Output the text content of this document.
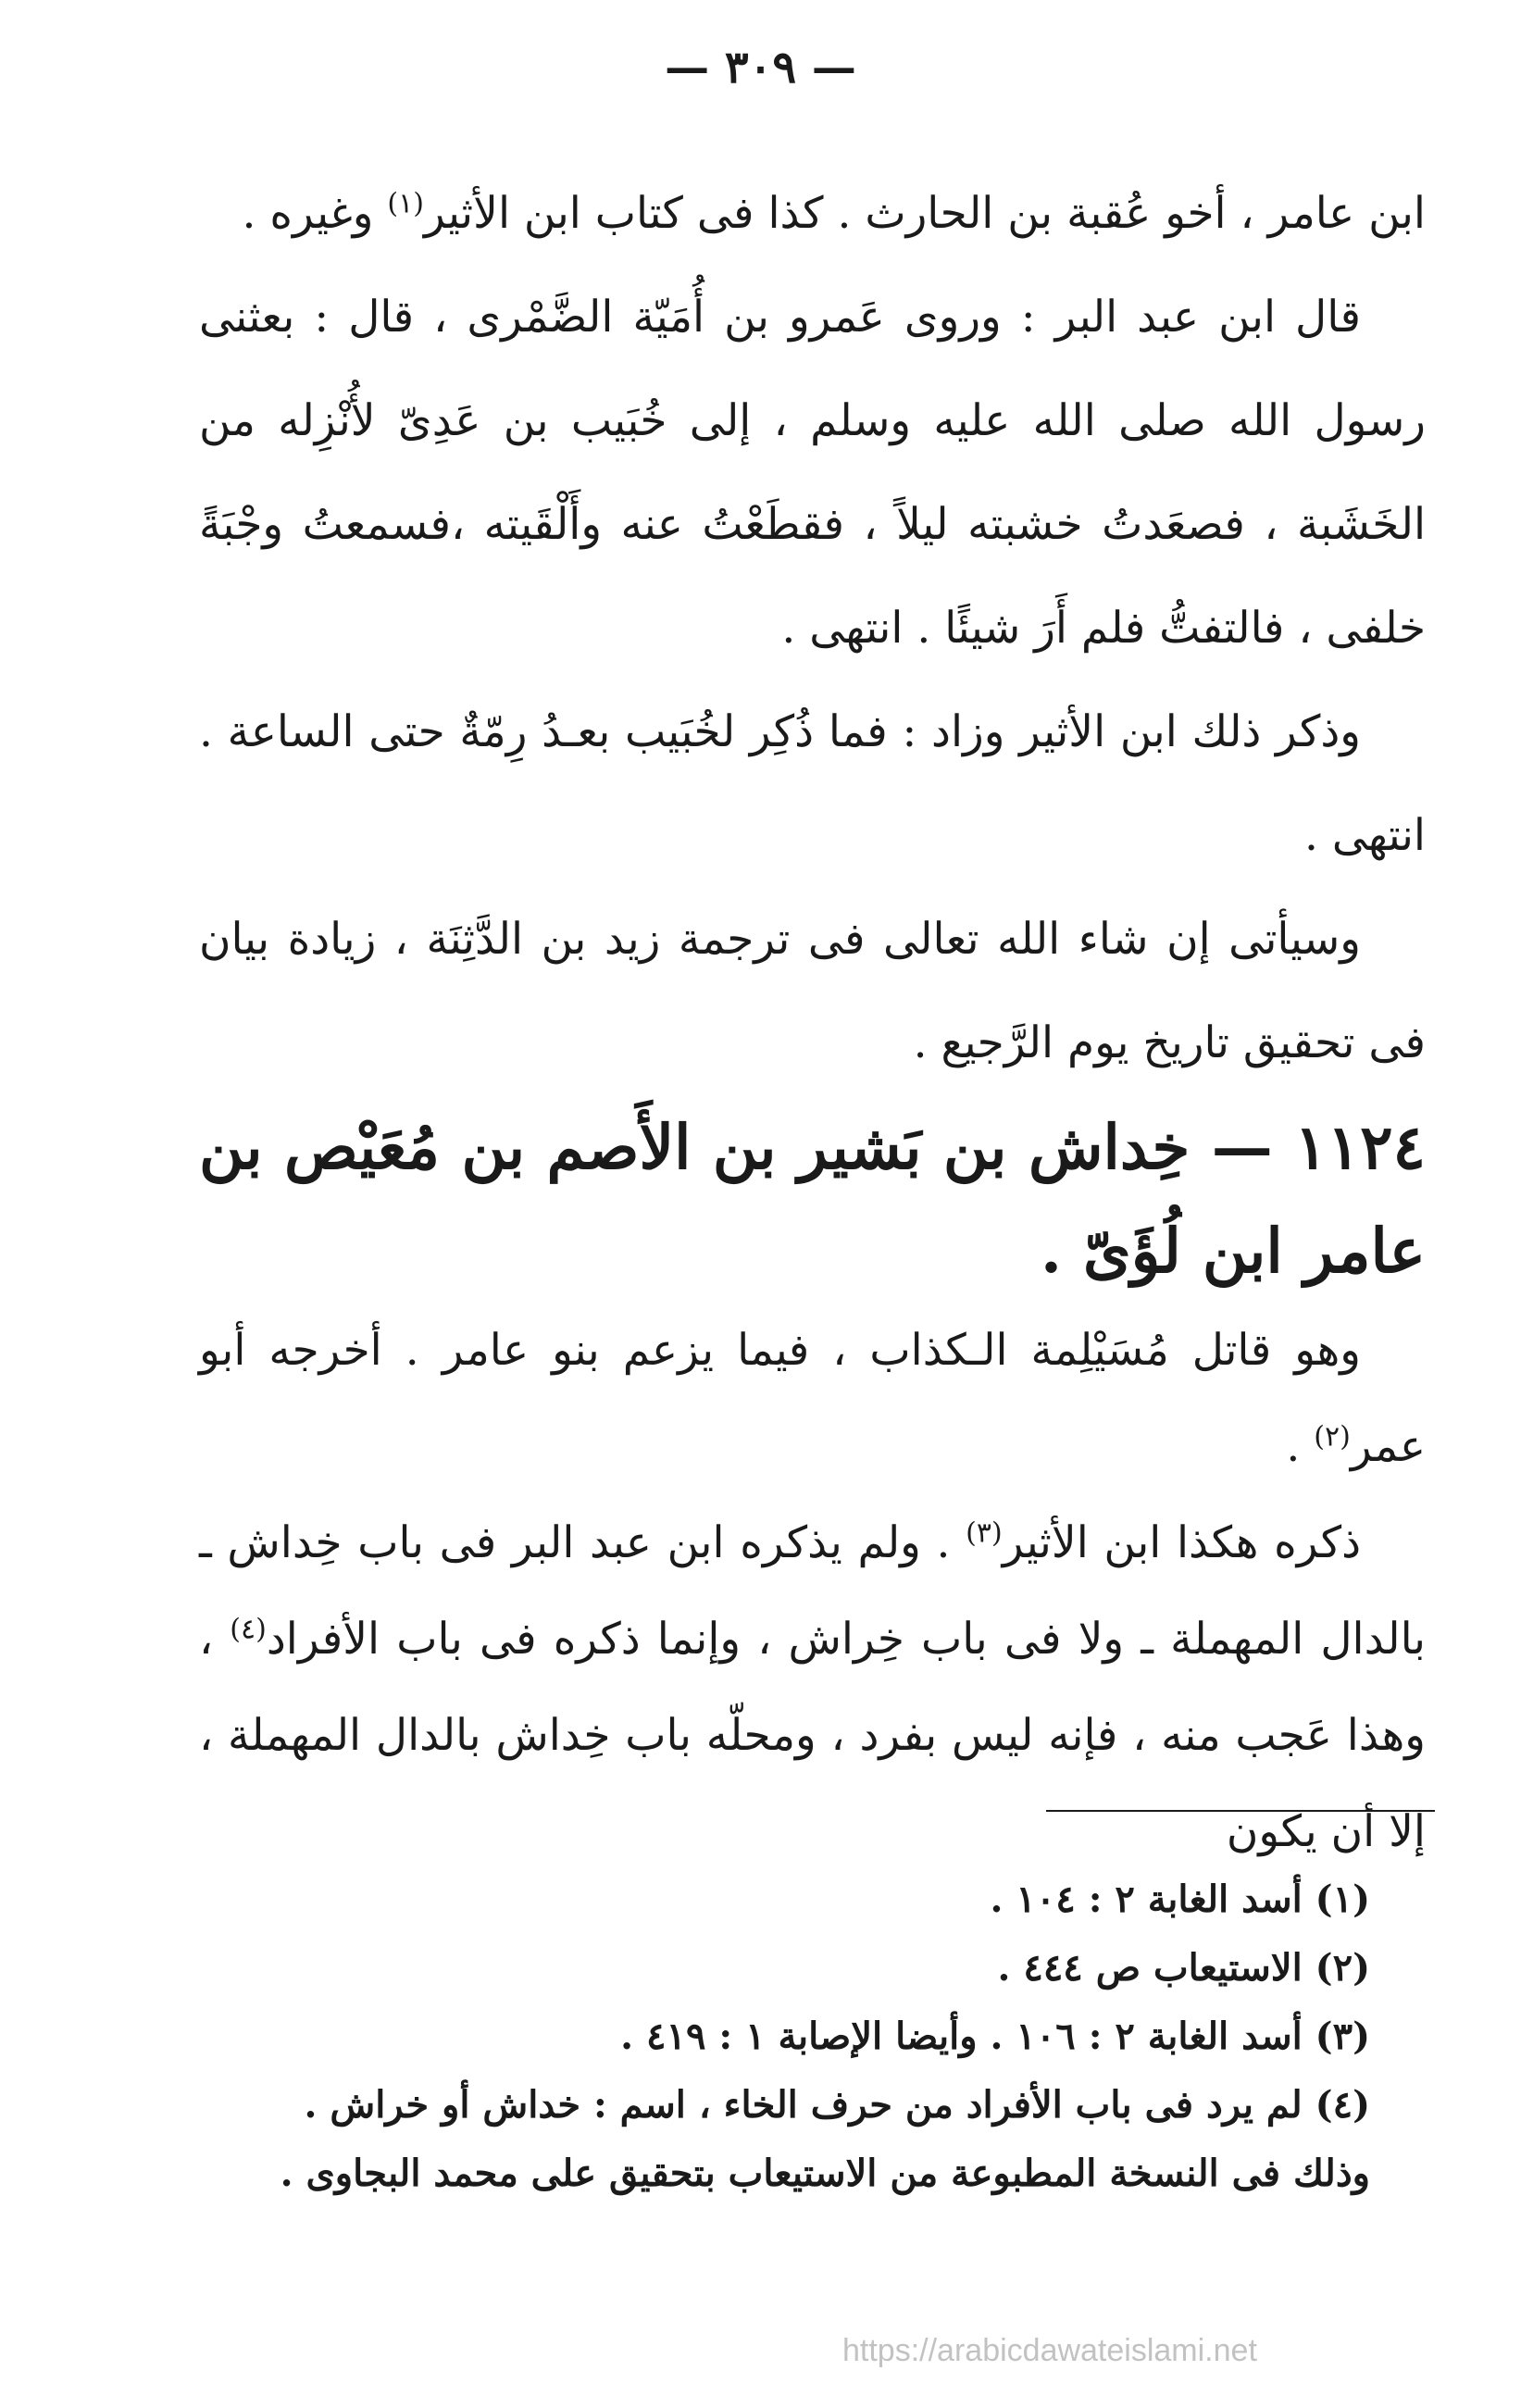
— ٣٠٩ —

ابن عامر ، أخو عُقبة بن الحارث . كذا فى كتاب ابن الأثير$^{(١)}$ وغيره .

قال ابن عبد البر : وروى عَمرو بن أُمَيّة الضَّمْرى ، قال : بعثنى رسول الله صلى الله عليه وسلم ، إلى خُبَيب بن عَدِىّ لأُنْزِله من الخَشَبة ، فصعَدتُ خشبته ليلاً ، فقطَعْتُ عنه وأَلْقَيته ،فسمعتُ وجْبَةً خلفى ، فالتفتُّ فلم أَرَ شيئًا . انتهى .

وذكر ذلك ابن الأثير وزاد : فما ذُكِر لخُبَيب بعـدُ رِمّةٌ حتى الساعة . انتهى .

وسيأتى إن شاء الله تعالى فى ترجمة زيد بن الدَّثِنَة ، زيادة بيان فى تحقيق تاريخ يوم الرَّجيع .

١١٢٤ — خِداش بن بَشير بن الأَصم بن مُعَيْص بن عامر ابن لُؤَىّ .

وهو قاتل مُسَيْلِمة الـكذاب ، فيما يزعم بنو عامر . أخرجه أبو عمر$^{(٢)}$ .

ذكره هكذا ابن الأثير$^{(٣)}$ . ولم يذكره ابن عبد البر فى باب خِداش ـ بالدال المهملة ـ ولا فى باب خِراش ، وإنما ذكره فى باب الأفراد$^{(٤)}$ ، وهذا عَجب منه ، فإنه ليس بفرد ، ومحلّه باب خِداش بالدال المهملة ، إلا أن يكون

(١) أسد الغابة ٢ : ١٠٤ .

(٢) الاستيعاب ص ٤٤٤ .

(٣) أسد الغابة ٢ : ١٠٦ . وأيضا الإصابة ١ : ٤١٩ .

(٤) لم يرد فى باب الأفراد من حرف الخاء ، اسم : خداش أو خراش . وذلك فى النسخة المطبوعة من الاستيعاب بتحقيق على محمد البجاوى .

https://arabicdawateislami.net
